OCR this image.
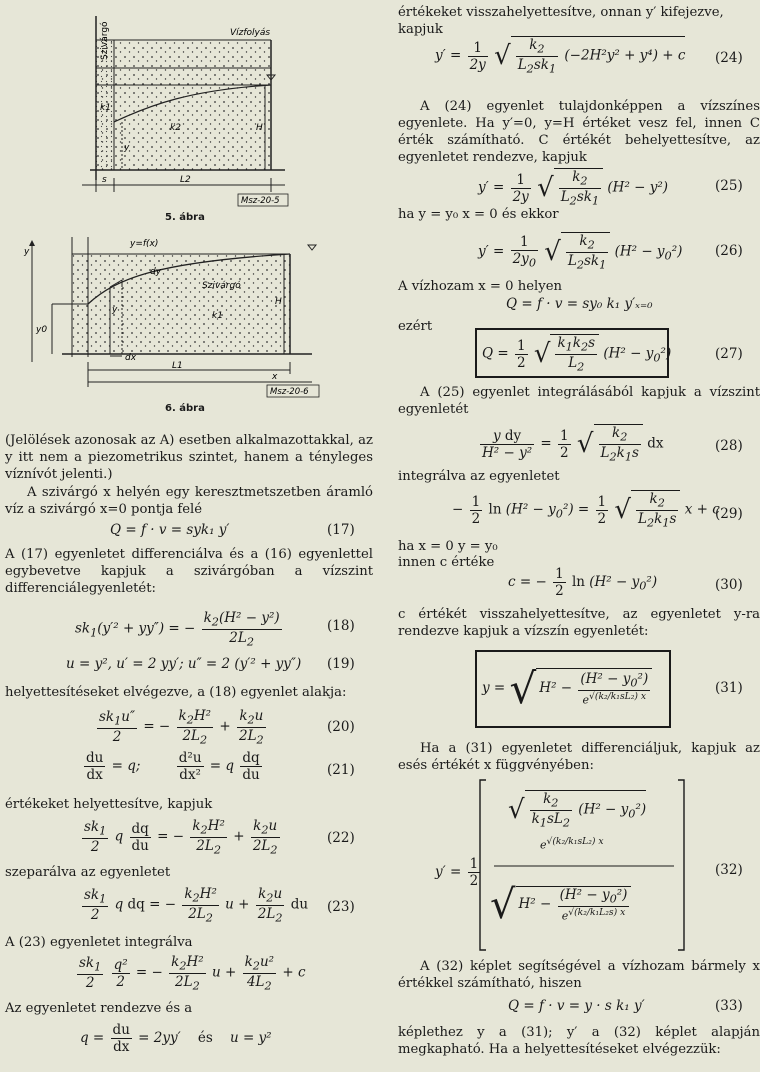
Szivárgó	Vízfolyás
k1
k2
y
H
s	L2
Msz-20-5
5. ábra
y=f(x)
dy
Szivárgó
k1
y0
y
y
H
dx
L1
x
Msz-20-6
6. ábra
(Jelölések azonosak az A) esetben alkalmazottakkal, az y itt nem a piezometrikus szintet, hanem a tényleges víznívót jelenti.)
A szivárgó x helyén egy keresztmetszetben áramló víz a szivárgó x=0 pontja felé
Q = f · v = syk₁ y′	(17)
A (17) egyenletet differenciálva és a (16) egyenlettel egybevetve kapjuk a szivárgóban a vízszint differenciálegyenletét:
$sk_1(y'^2 + yy'')$ = − $\frac{k_2(H^2 - y^2)}{2L_2}$	(18)
u = y², u′ = 2 yy′; u″ = 2 (y′² + yy″) (19)
helyettesítéseket elvégezve, a (18) egyenlet alakja:
$\frac{sk_1u''}{2}$ = − $\frac{k_2H^2}{2L_2} + \frac{k_2u}{2L_2}$	(20)
$\frac{du}{dx} = q$; $\frac{\text{d²u}}{\text{dx²}} = q \frac{dq}{du}$	(21)
értékeket helyettesítve, kapjuk
$\frac{sk_1}{2}$ q $\frac{dq}{du}$ = − $\frac{k_2H^2}{2L_2} + \frac{k_2u}{2L_2}$	(22)
szeparálva az egyenletet
$\frac{sk_1}{2}$ q dq = − $\frac{k_2H^2}{2L_2}$ $u + \frac{k_2u}{2L_2}$ du (23)
A (23) egyenletet integrálva
$\frac{sk_1}{2}$
$\frac{\text{q²}}{2}$ = − $\frac{k_2H^2}{2L_2}$ $u + \frac{k_2u^2}{4L_2} + c$
Az egyenletet rendezve és a
$q = \frac{du}{dx} = 2yy'$    és u = y²
értékeket visszahelyettesítve, onnan y′ kifejezve, kapjuk
$y' = \frac{1}{2y}$ √ $\frac{k_2}{L_2sk_1} (-2H^2y^2 + y^4) + c$ (24)
A (24) egyenlet tulajdonképpen a vízszínes egyenlete. Ha y′=0, y=H értéket vesz fel, innen C érték számítható. C értékét behelyettesítve, az egyenletet rendezve, kapjuk
$y' = \frac{1}{2y}$ √ $\frac{k_2}{L_2sk_1} (H^2 - y^2)$	(25)
ha y = y₀ x = 0 és ekkor
$y' = \frac{1}{2y_0}$ √ $\frac{k_2}{L_2sk_1} (H^2 - y_0^2)$ (26)
A vízhozam x = 0 helyen
Q = f · v = sy₀ k₁ y′ₓ₌₀
ezért
$Q = \frac{1}{2}$ √ $\frac{k_1k_2s}{L_2} (H^2 - y_0^2)$	(27)
A (25) egyenlet integrálásából kapjuk a vízszint egyenletét
$\frac{\text{y dy}}{\text{H² − y²}} = \frac{1}{2}$ √ $\frac{k_2}{L_2k_1s}$ dx	(28)
integrálva az egyenletet
− $\frac{1}{2}$ $\ln (H^2 - y_0^2) = \frac{1}{2}$ √ $\frac{k_2}{L_2k_1s}$ x + c
(29)
ha x = 0 y = y₀
innen c értéke
c = − $\frac{1}{2}$ $\ln (H^2 - y_0^2)$	(30)
c értékét visszahelyettesítve, az egyenletet y-ra rendezve kapjuk a vízszín egyenletét:
y = √ $H^2 - \frac{(H^2 - y_0^2)}{e^{√(k_2/k_1sL_2) x}}$	(31)
Ha a (31) egyenletet differenciáljuk, kapjuk az esés értékét x függvényében:
$y' = \frac{1}{2}$
√ $\frac{k_2}{k_1sL_2} (H^2 - y_0^2)$
$e^{√(k_2/k_1sL_2) x}$
√ $H^2 - \frac{(H^2 - y_0^2)}{e^{√(k_2/k_1L_2s) x}}$
(32)
A (32) képlet segítségével a vízhozam bármely x értékkel számítható, hiszen
Q = f · v = y · s k₁ y′	(33)
képlethez y a (31); y′ a (32) képlet alapján megkapható. Ha a helyettesítéseket elvégezzük:
